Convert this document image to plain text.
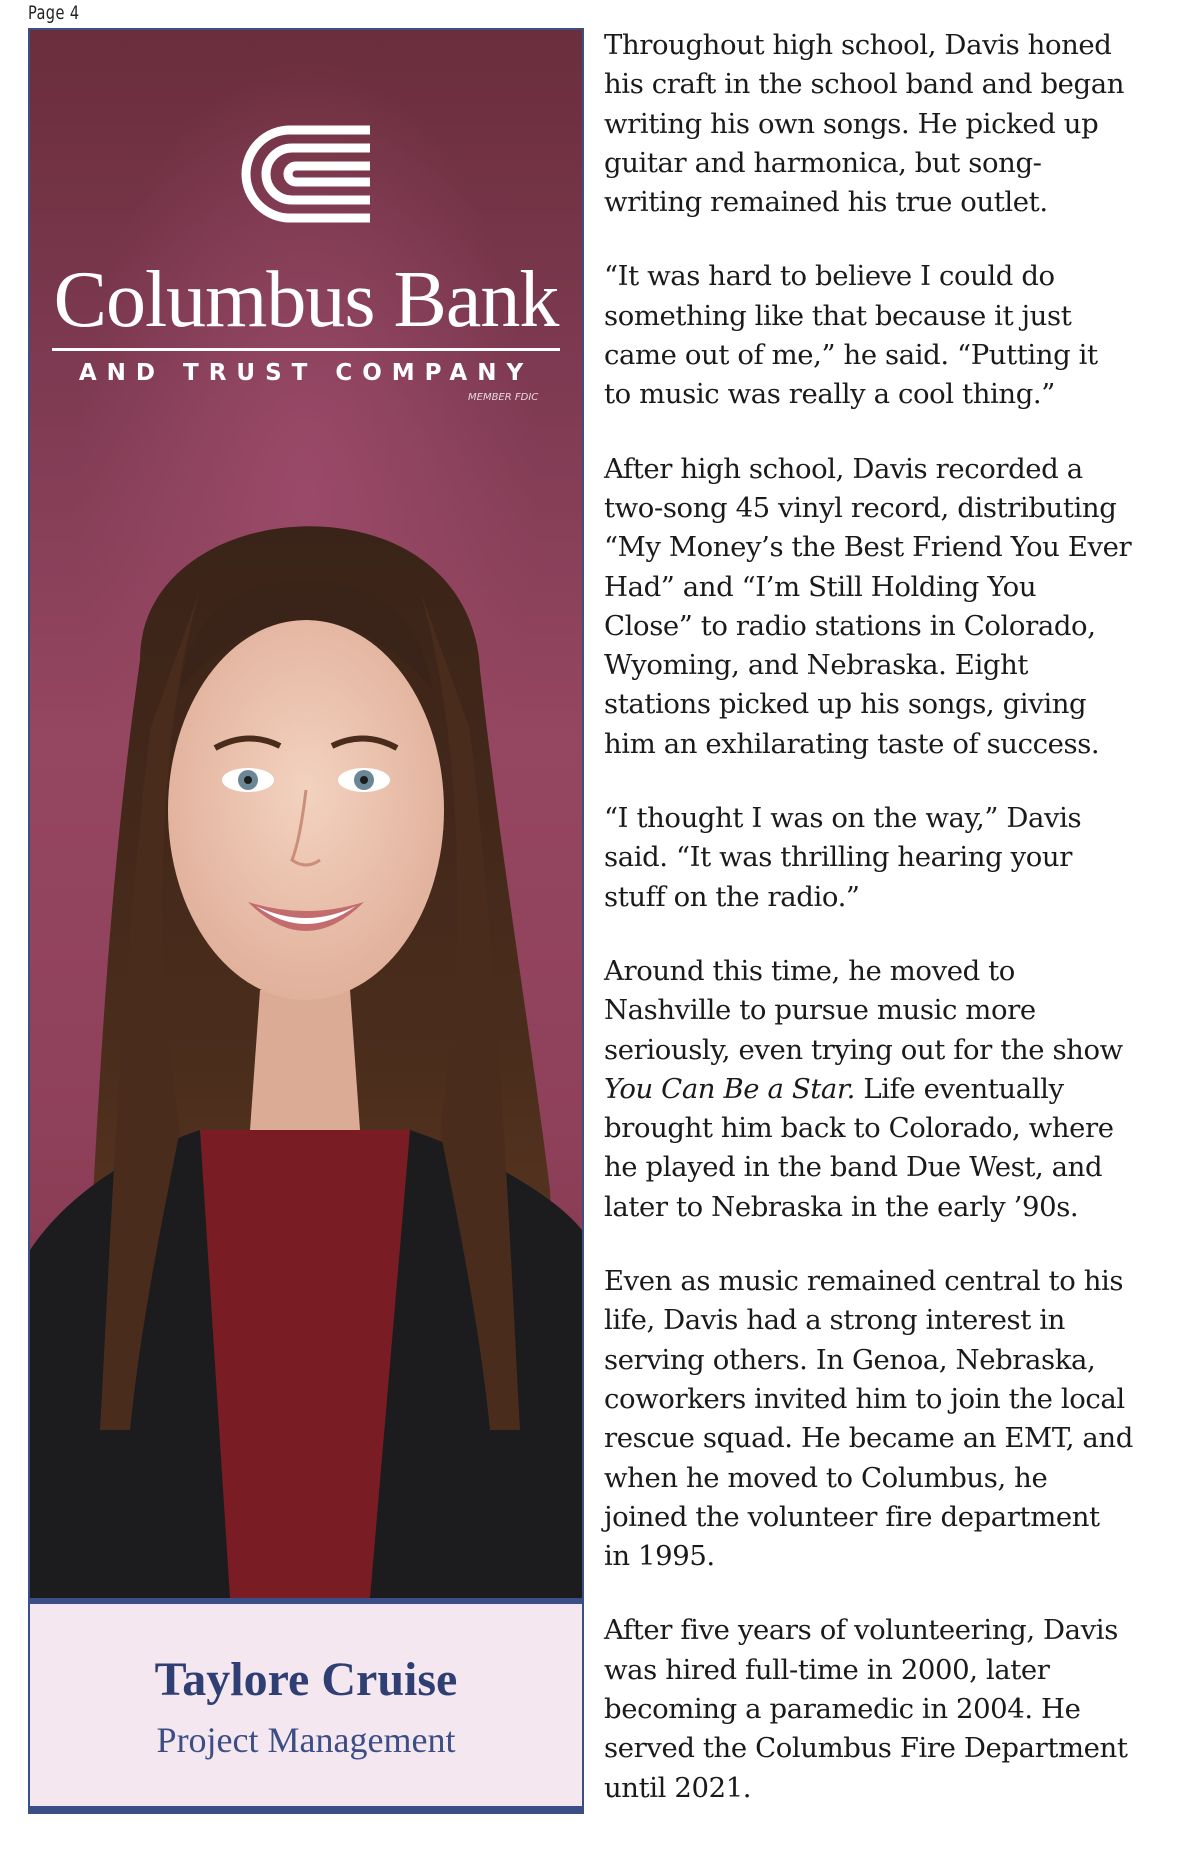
Page 4
Columbus Bank
AND TRUST COMPANY
MEMBER FDIC
Taylore Cruise
Project Management

Throughout high school, Davis honed
his craft in the school band and began
writing his own songs. He picked up
guitar and harmonica, but song-
writing remained his true outlet.

“It was hard to believe I could do
something like that because it just
came out of me,” he said. “Putting it
to music was really a cool thing.”

After high school, Davis recorded a
two-song 45 vinyl record, distributing
“My Money’s the Best Friend You Ever
Had” and “I’m Still Holding You
Close” to radio stations in Colorado,
Wyoming, and Nebraska. Eight
stations picked up his songs, giving
him an exhilarating taste of success.

“I thought I was on the way,” Davis
said. “It was thrilling hearing your
stuff on the radio.”

Around this time, he moved to
Nashville to pursue music more
seriously, even trying out for the show
You Can Be a Star. Life eventually
brought him back to Colorado, where
he played in the band Due West, and
later to Nebraska in the early ’90s.

Even as music remained central to his
life, Davis had a strong interest in
serving others. In Genoa, Nebraska,
coworkers invited him to join the local
rescue squad. He became an EMT, and
when he moved to Columbus, he
joined the volunteer fire department
in 1995.

After five years of volunteering, Davis
was hired full-time in 2000, later
becoming a paramedic in 2004. He
served the Columbus Fire Department
until 2021.
